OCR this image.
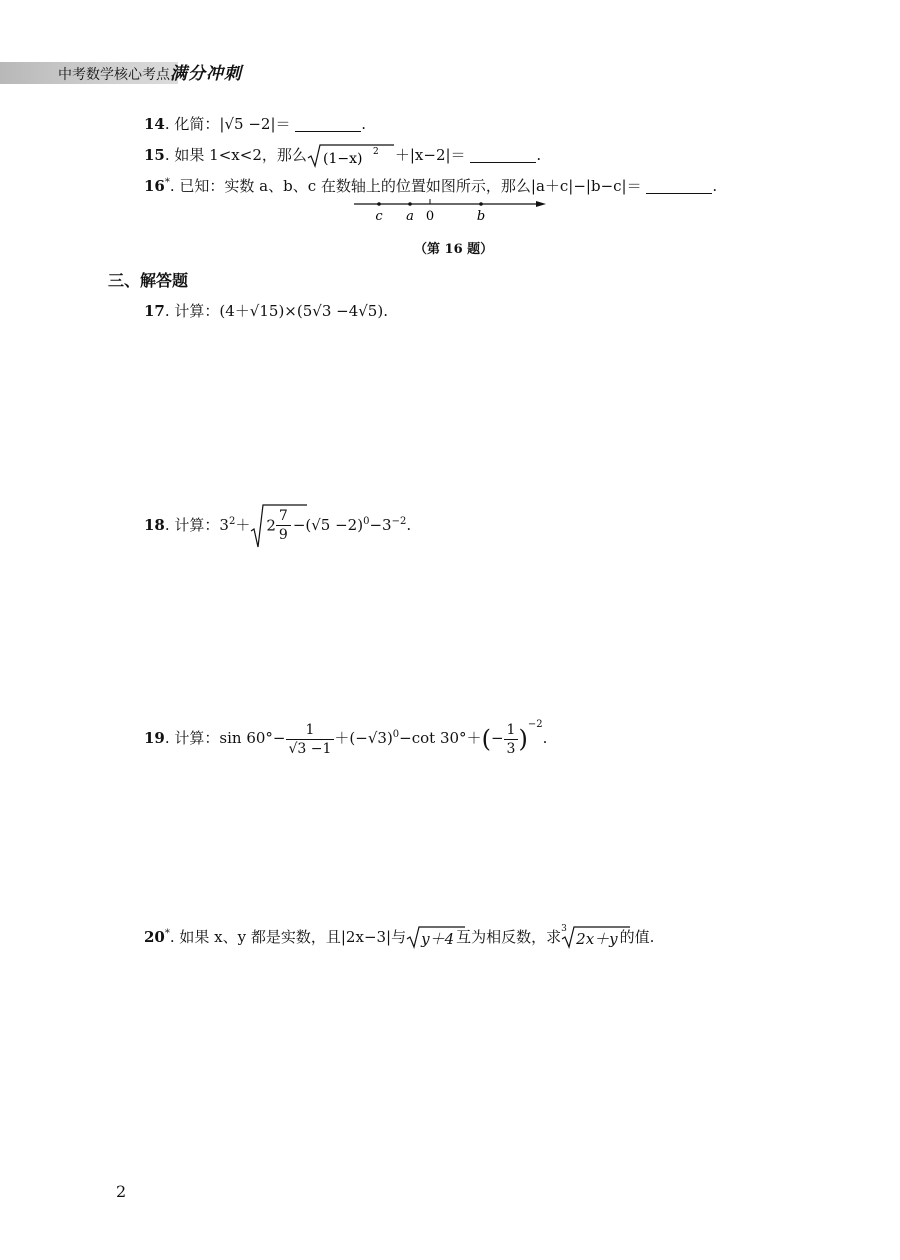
中考数学核心考点满分冲刺
14. 化简：|√5 −2|＝	.
15. 如果 1<x<2，那么 (1−x) 2 ＋|x−2|＝	.
16*. 已知：实数 a、b、c 在数轴上的位置如图所示，那么|a＋c|−|b−c|＝	.
c a 0	b
（第 16 题）
三、解答题
17. 计算：(4＋√15)×(5√3 −4√5).
18. 计算：$3^2+ 2 \frac{7}{9} -(√5 -2)^0-3^{-2}$.
19. 计算：$\sin 60^\circ- \frac{1}{√3 -1} +(-√3)^0-\cot$ $30^\circ+(- \frac{1}{3} )^{-2}$.
20*. 如果 x、y 都是实数，且|2x−3|与 y＋4 互为相反数，求 3
2x＋y 的值.
2
